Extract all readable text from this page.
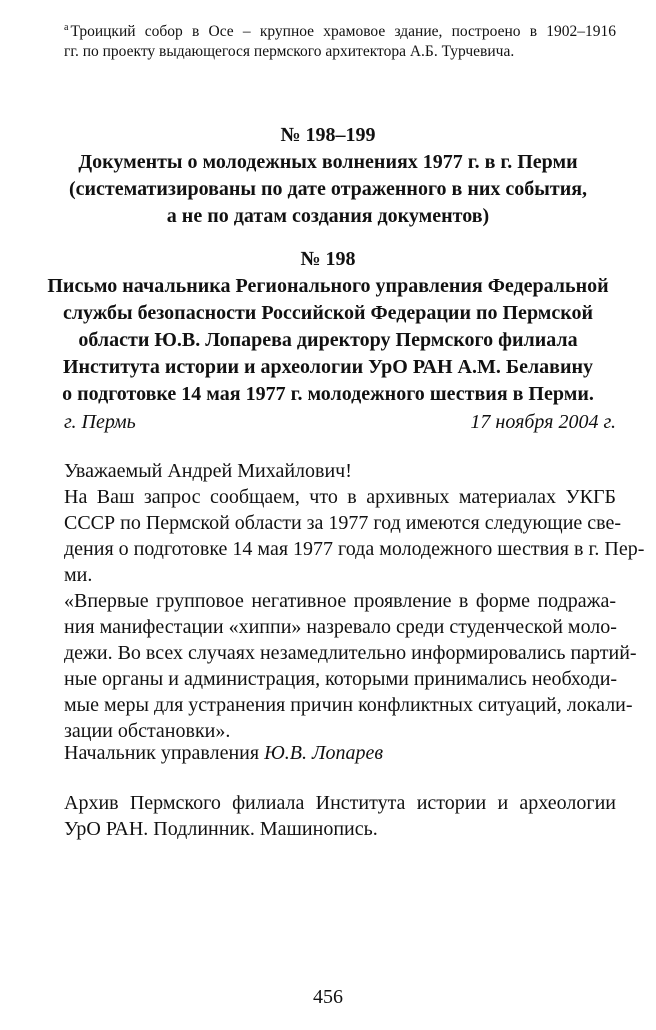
$^а$ Троицкий собор в Осе – крупное храмовое здание, построено в 1902–1916
гг. по проекту выдающегося пермского архитектора А.Б. Турчевича.
№ 198–199
Документы о молодежных волнениях 1977 г. в г. Перми
(систематизированы по дате отраженного в них события,
а не по датам создания документов)
№ 198
Письмо начальника Регионального управления Федеральной
службы безопасности Российской Федерации по Пермской
области Ю.В. Лопарева директору Пермского филиала
Института истории и археологии УрО РАН А.М. Белавину
о подготовке 14 мая 1977 г. молодежного шествия в Перми.
г. Пермь	17 ноября 2004 г.

Уважаемый Андрей Михайлович!

На Ваш запрос сообщаем, что в архивных материалах УКГБ
СССР по Пермской области за 1977 год имеются следующие све-
дения о подготовке 14 мая 1977 года молодежного шествия в г. Пер-
ми.

«Впервые групповое негативное проявление в форме подража-
ния манифестации «хиппи» назревало среди студенческой моло-
дежи. Во всех случаях незамедлительно информировались партий-
ные органы и администрация, которыми принимались необходи-
мые меры для устранения причин конфликтных ситуаций, локали-
зации обстановки».

Начальник управления Ю.В. Лопарев
Архив Пермского филиала Института истории и археологии
УрО РАН. Подлинник. Машинопись.
456
